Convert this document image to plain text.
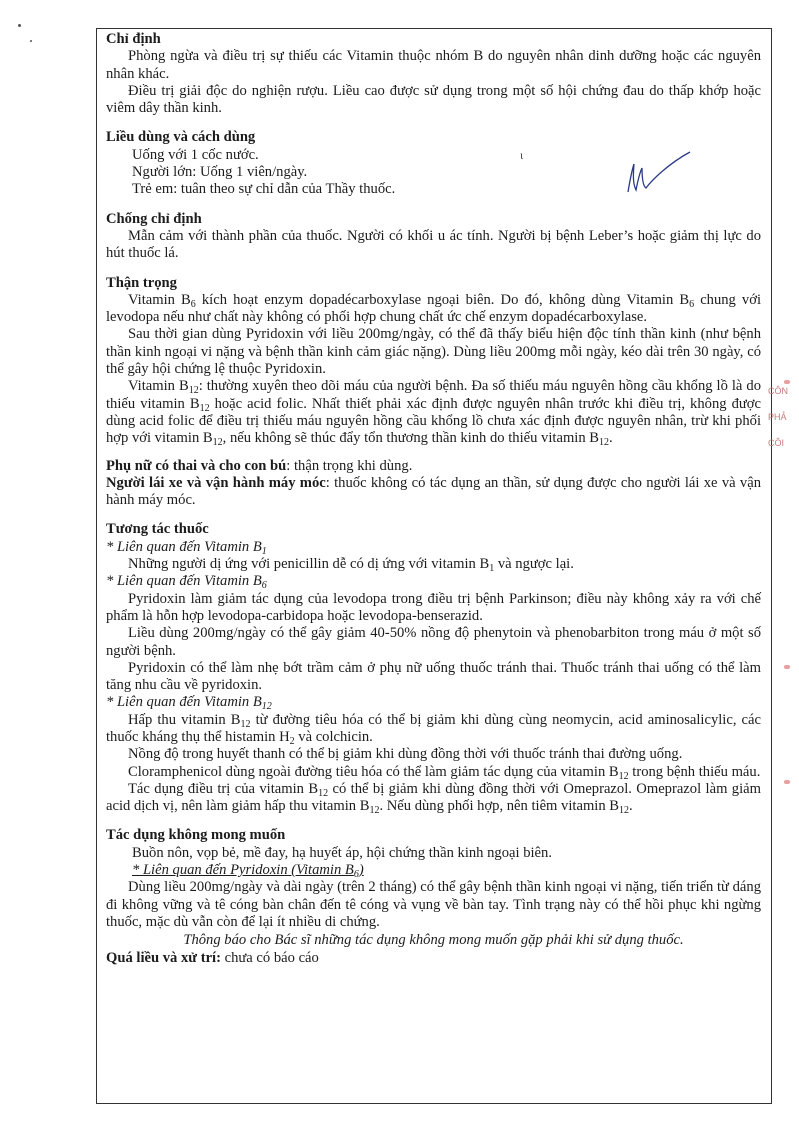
ɩ
CÔN
PHẢ
CÔI
Chỉ định
Phòng ngừa và điều trị sự thiếu các Vitamin thuộc nhóm B do nguyên nhân dinh dưỡng hoặc các nguyên nhân khác.
Điều trị giải độc do nghiện rượu. Liều cao được sử dụng trong một số hội chứng đau do thấp khớp hoặc viêm dây thần kinh.
Liều dùng và cách dùng
Uống với 1 cốc nước.
Người lớn: Uống 1 viên/ngày.
Trẻ em: tuân theo sự chỉ dẫn của Thầy thuốc.
Chống chỉ định
Mẫn cảm với thành phần của thuốc. Người có khối u ác tính. Người bị bệnh Leber’s hoặc giảm thị lực do hút thuốc lá.
Thận trọng
Vitamin $B_6$ kích hoạt enzym dopadécarboxylase ngoại biên. Do đó, không dùng Vitamin $B_6$ chung với levodopa nếu như chất này không có phối hợp chung chất ức chế enzym dopadécarboxylase.
Sau thời gian dùng Pyridoxin với liều 200mg/ngày, có thể đã thấy biểu hiện độc tính thần kinh (như bệnh thần kinh ngoại vi nặng và bệnh thần kinh cảm giác nặng). Dùng liều 200mg mỗi ngày, kéo dài trên 30 ngày, có thể gây hội chứng lệ thuộc Pyridoxin.
Vitamin $B_{12}$: thường xuyên theo dõi máu của người bệnh. Đa số thiếu máu nguyên hồng cầu khổng lồ là do thiếu vitamin $B_{12}$ hoặc acid folic. Nhất thiết phải xác định được nguyên nhân trước khi điều trị, không được dùng acid folic để điều trị thiếu máu nguyên hồng cầu khổng lồ chưa xác định được nguyên nhân, trừ khi phối hợp với vitamin $B_{12}$, nếu không sẽ thúc đẩy tổn thương thần kinh do thiếu vitamin $B_{12}$.
Phụ nữ có thai và cho con bú: thận trọng khi dùng.
Người lái xe và vận hành máy móc: thuốc không có tác dụng an thần, sử dụng được cho người lái xe và vận hành máy móc.
Tương tác thuốc
* Liên quan đến Vitamin $B_1$
Những người dị ứng với penicillin dễ có dị ứng với vitamin $B_1$ và ngược lại.
* Liên quan đến Vitamin $B_6$
Pyridoxin làm giảm tác dụng của levodopa trong điều trị bệnh Parkinson; điều này không xảy ra với chế phẩm là hỗn hợp levodopa-carbidopa hoặc levodopa-benserazid.
Liều dùng 200mg/ngày có thể gây giảm 40-50% nồng độ phenytoin và phenobarbiton trong máu ở một số người bệnh.
Pyridoxin có thể làm nhẹ bớt trầm cảm ở phụ nữ uống thuốc tránh thai. Thuốc tránh thai uống có thể làm tăng nhu cầu về pyridoxin.
* Liên quan đến Vitamin $B_{12}$
Hấp thu vitamin $B_{12}$ từ đường tiêu hóa có thể bị giảm khi dùng cùng neomycin, acid aminosalicylic, các thuốc kháng thụ thể histamin $H_2$ và colchicin.
Nồng độ trong huyết thanh có thể bị giảm khi dùng đồng thời với thuốc tránh thai đường uống.
Cloramphenicol dùng ngoài đường tiêu hóa có thể làm giảm tác dụng của vitamin $B_{12}$ trong bệnh thiếu máu.
Tác dụng điều trị của vitamin $B_{12}$ có thể bị giảm khi dùng đồng thời với Omeprazol. Omeprazol làm giảm acid dịch vị, nên làm giảm hấp thu vitamin $B_{12}$. Nếu dùng phối hợp, nên tiêm vitamin $B_{12}$.
Tác dụng không mong muốn
Buồn nôn, vọp bẻ, mề đay, hạ huyết áp, hội chứng thần kinh ngoại biên.
* Liên quan đến Pyridoxin (Vitamin $B_6$)
Dùng liều 200mg/ngày và dài ngày (trên 2 tháng) có thể gây bệnh thần kinh ngoại vi nặng, tiến triển từ dáng đi không vững và tê cóng bàn chân đến tê cóng và vụng về bàn tay. Tình trạng này có thể hồi phục khi ngừng thuốc, mặc dù vẫn còn để lại ít nhiều di chứng.
Thông báo cho Bác sĩ những tác dụng không mong muốn gặp phải khi sử dụng thuốc.
Quá liều và xử trí: chưa có báo cáo
